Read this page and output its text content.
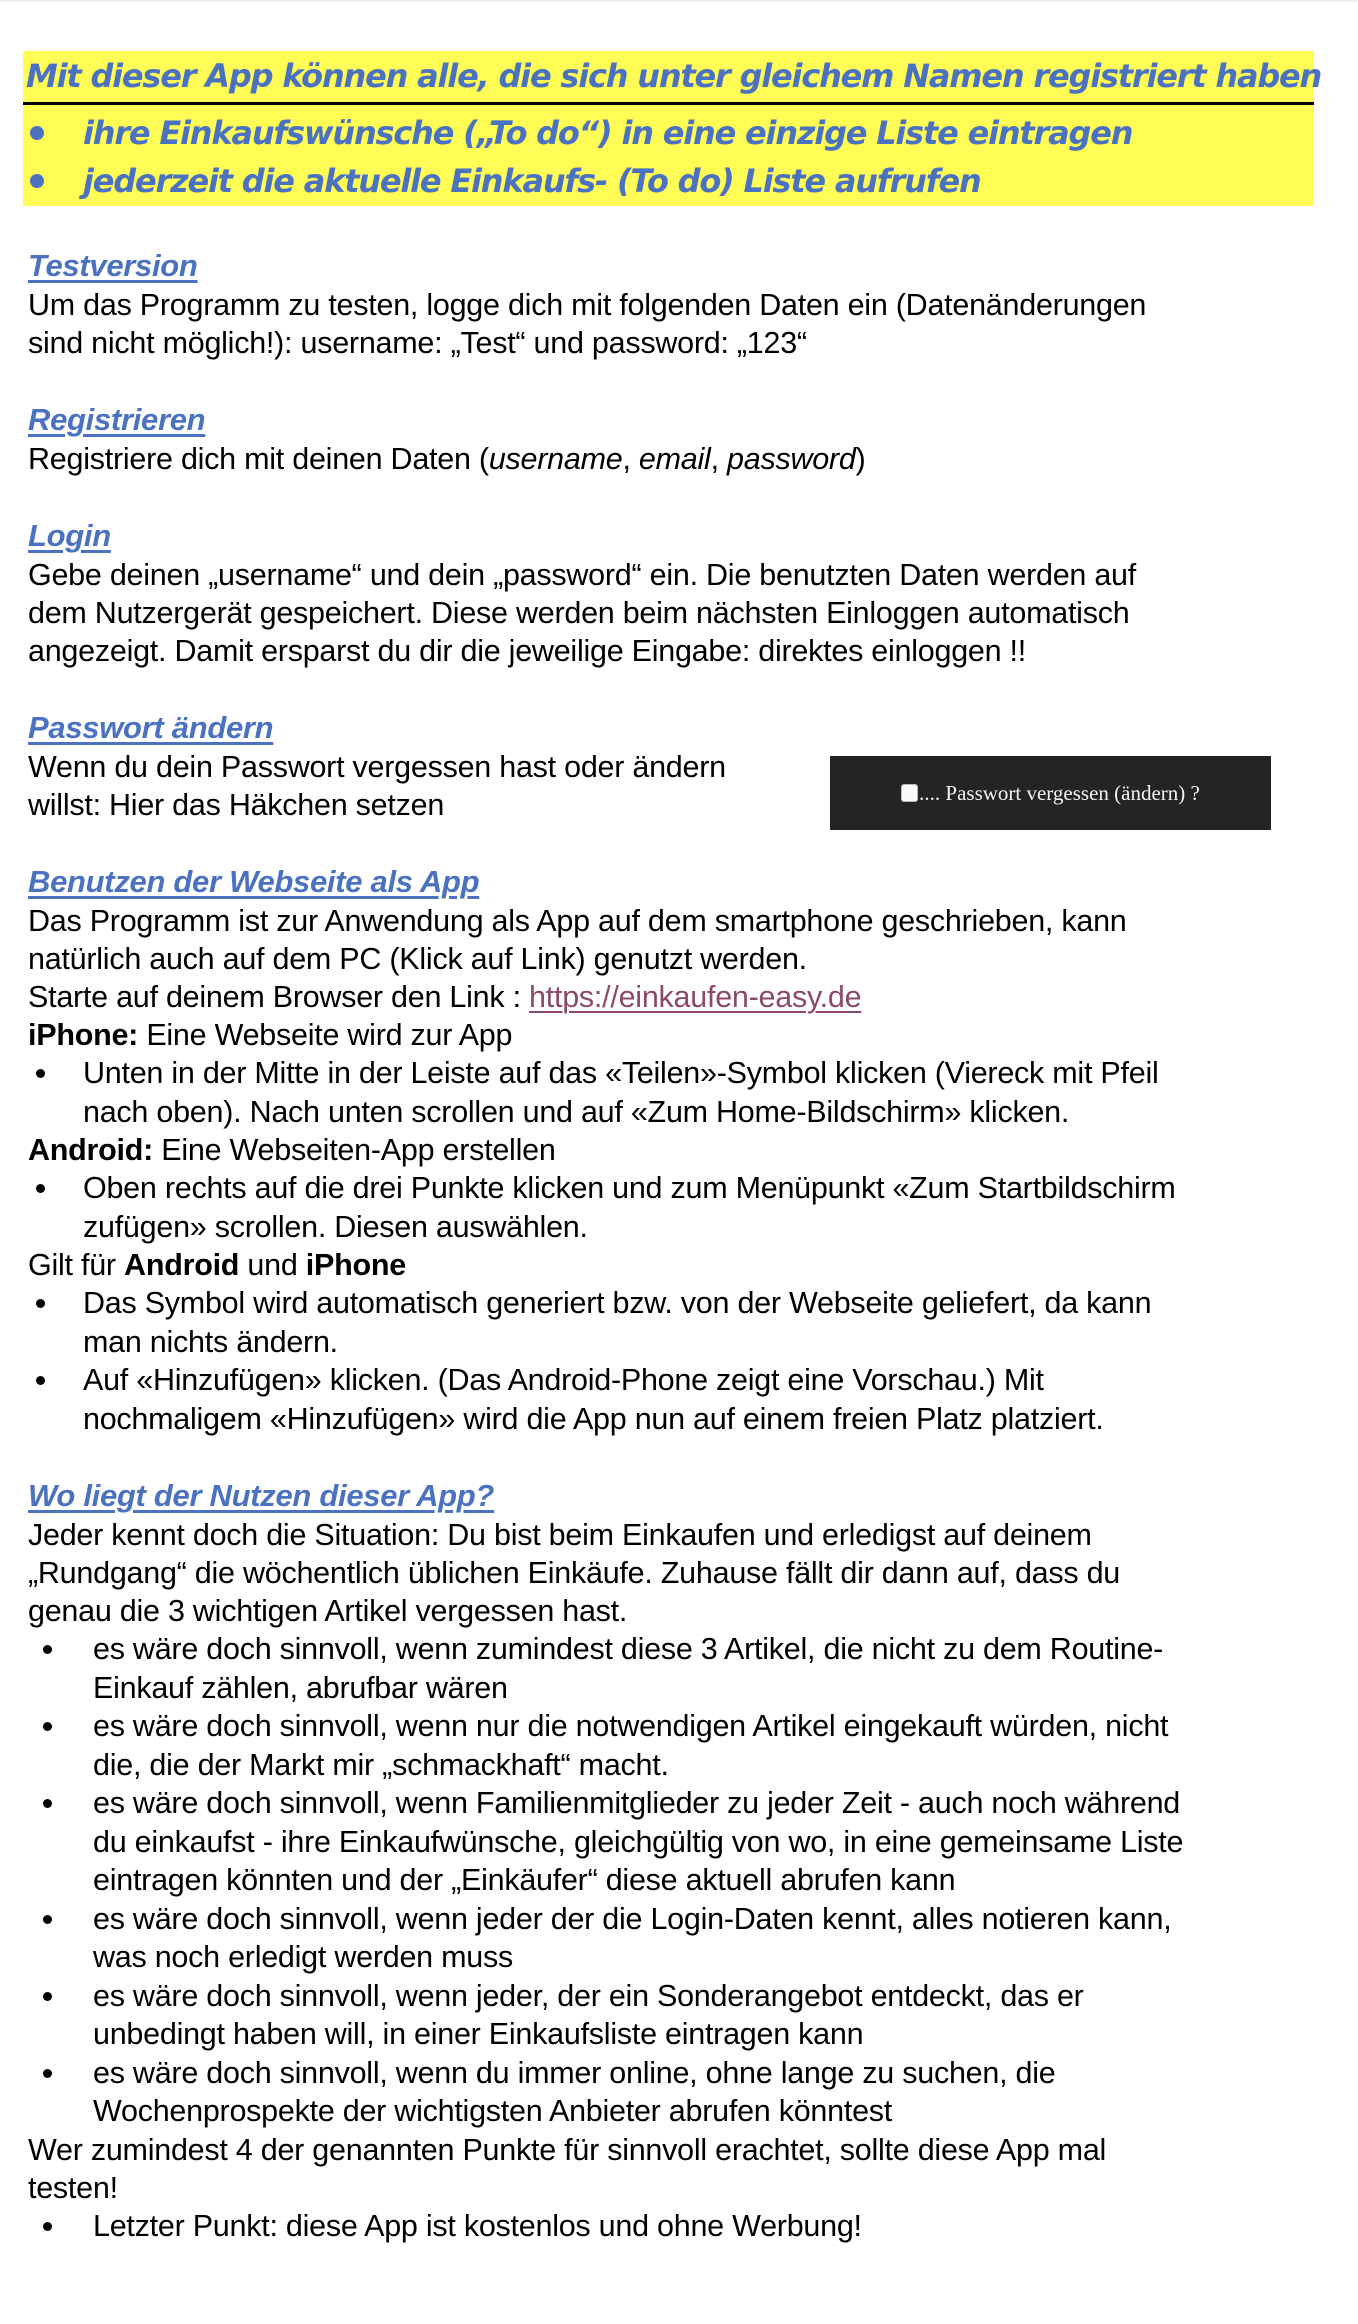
Mit dieser App können alle, die sich unter gleichem Namen registriert haben
ihre Einkaufswünsche („To do“) in eine einzige Liste eintragen
jederzeit die aktuelle Einkaufs- (To do) Liste aufrufen
Testversion

Um das Programm zu testen, logge dich mit folgenden Daten ein (Datenänderungen

sind nicht möglich!): username: „Test“ und password: „123“

Registrieren

Registriere dich mit deinen Daten (username, email, password)

Login

Gebe deinen „username“ und dein „password“ ein. Die benutzten Daten werden auf

dem Nutzergerät gespeichert. Diese werden beim nächsten Einloggen automatisch

angezeigt. Damit ersparst du dir die jeweilige Eingabe: direktes einloggen !!

Passwort ändern

Wenn du dein Passwort vergessen hast oder ändern

willst: Hier das Häkchen setzen	.... Passwort vergessen (ändern) ?
Benutzen der Webseite als App

Das Programm ist zur Anwendung als App auf dem smartphone geschrieben, kann

natürlich auch auf dem PC (Klick auf Link) genutzt werden.

Starte auf deinem Browser den Link : https://einkaufen-easy.de

iPhone: Eine Webseite wird zur App

Unten in der Mitte in der Leiste auf das «Teilen»-Symbol klicken (Viereck mit Pfeil
nach oben). Nach unten scrollen und auf «Zum Home-Bildschirm» klicken.

Android: Eine Webseiten-App erstellen

Oben rechts auf die drei Punkte klicken und zum Menüpunkt «Zum Startbildschirm
zufügen» scrollen. Diesen auswählen.

Gilt für Android und iPhone

Das Symbol wird automatisch generiert bzw. von der Webseite geliefert, da kann
man nichts ändern.
Auf «Hinzufügen» klicken. (Das Android-Phone zeigt eine Vorschau.) Mit
nochmaligem «Hinzufügen» wird die App nun auf einem freien Platz platziert.
Wo liegt der Nutzen dieser App?

Jeder kennt doch die Situation: Du bist beim Einkaufen und erledigst auf deinem

„Rundgang“ die wöchentlich üblichen Einkäufe. Zuhause fällt dir dann auf, dass du

genau die 3 wichtigen Artikel vergessen hast.

es wäre doch sinnvoll, wenn zumindest diese 3 Artikel, die nicht zu dem Routine-
Einkauf zählen, abrufbar wären
es wäre doch sinnvoll, wenn nur die notwendigen Artikel eingekauft würden, nicht
die, die der Markt mir „schmackhaft“ macht.
es wäre doch sinnvoll, wenn Familienmitglieder zu jeder Zeit - auch noch während
du einkaufst - ihre Einkaufwünsche, gleichgültig von wo, in eine gemeinsame Liste
eintragen könnten und der „Einkäufer“ diese aktuell abrufen kann
es wäre doch sinnvoll, wenn jeder der die Login-Daten kennt, alles notieren kann,
was noch erledigt werden muss
es wäre doch sinnvoll, wenn jeder, der ein Sonderangebot entdeckt, das er
unbedingt haben will, in einer Einkaufsliste eintragen kann
es wäre doch sinnvoll, wenn du immer online, ohne lange zu suchen, die
Wochenprospekte der wichtigsten Anbieter abrufen könntest

Wer zumindest 4 der genannten Punkte für sinnvoll erachtet, sollte diese App mal

testen!

Letzter Punkt: diese App ist kostenlos und ohne Werbung!
